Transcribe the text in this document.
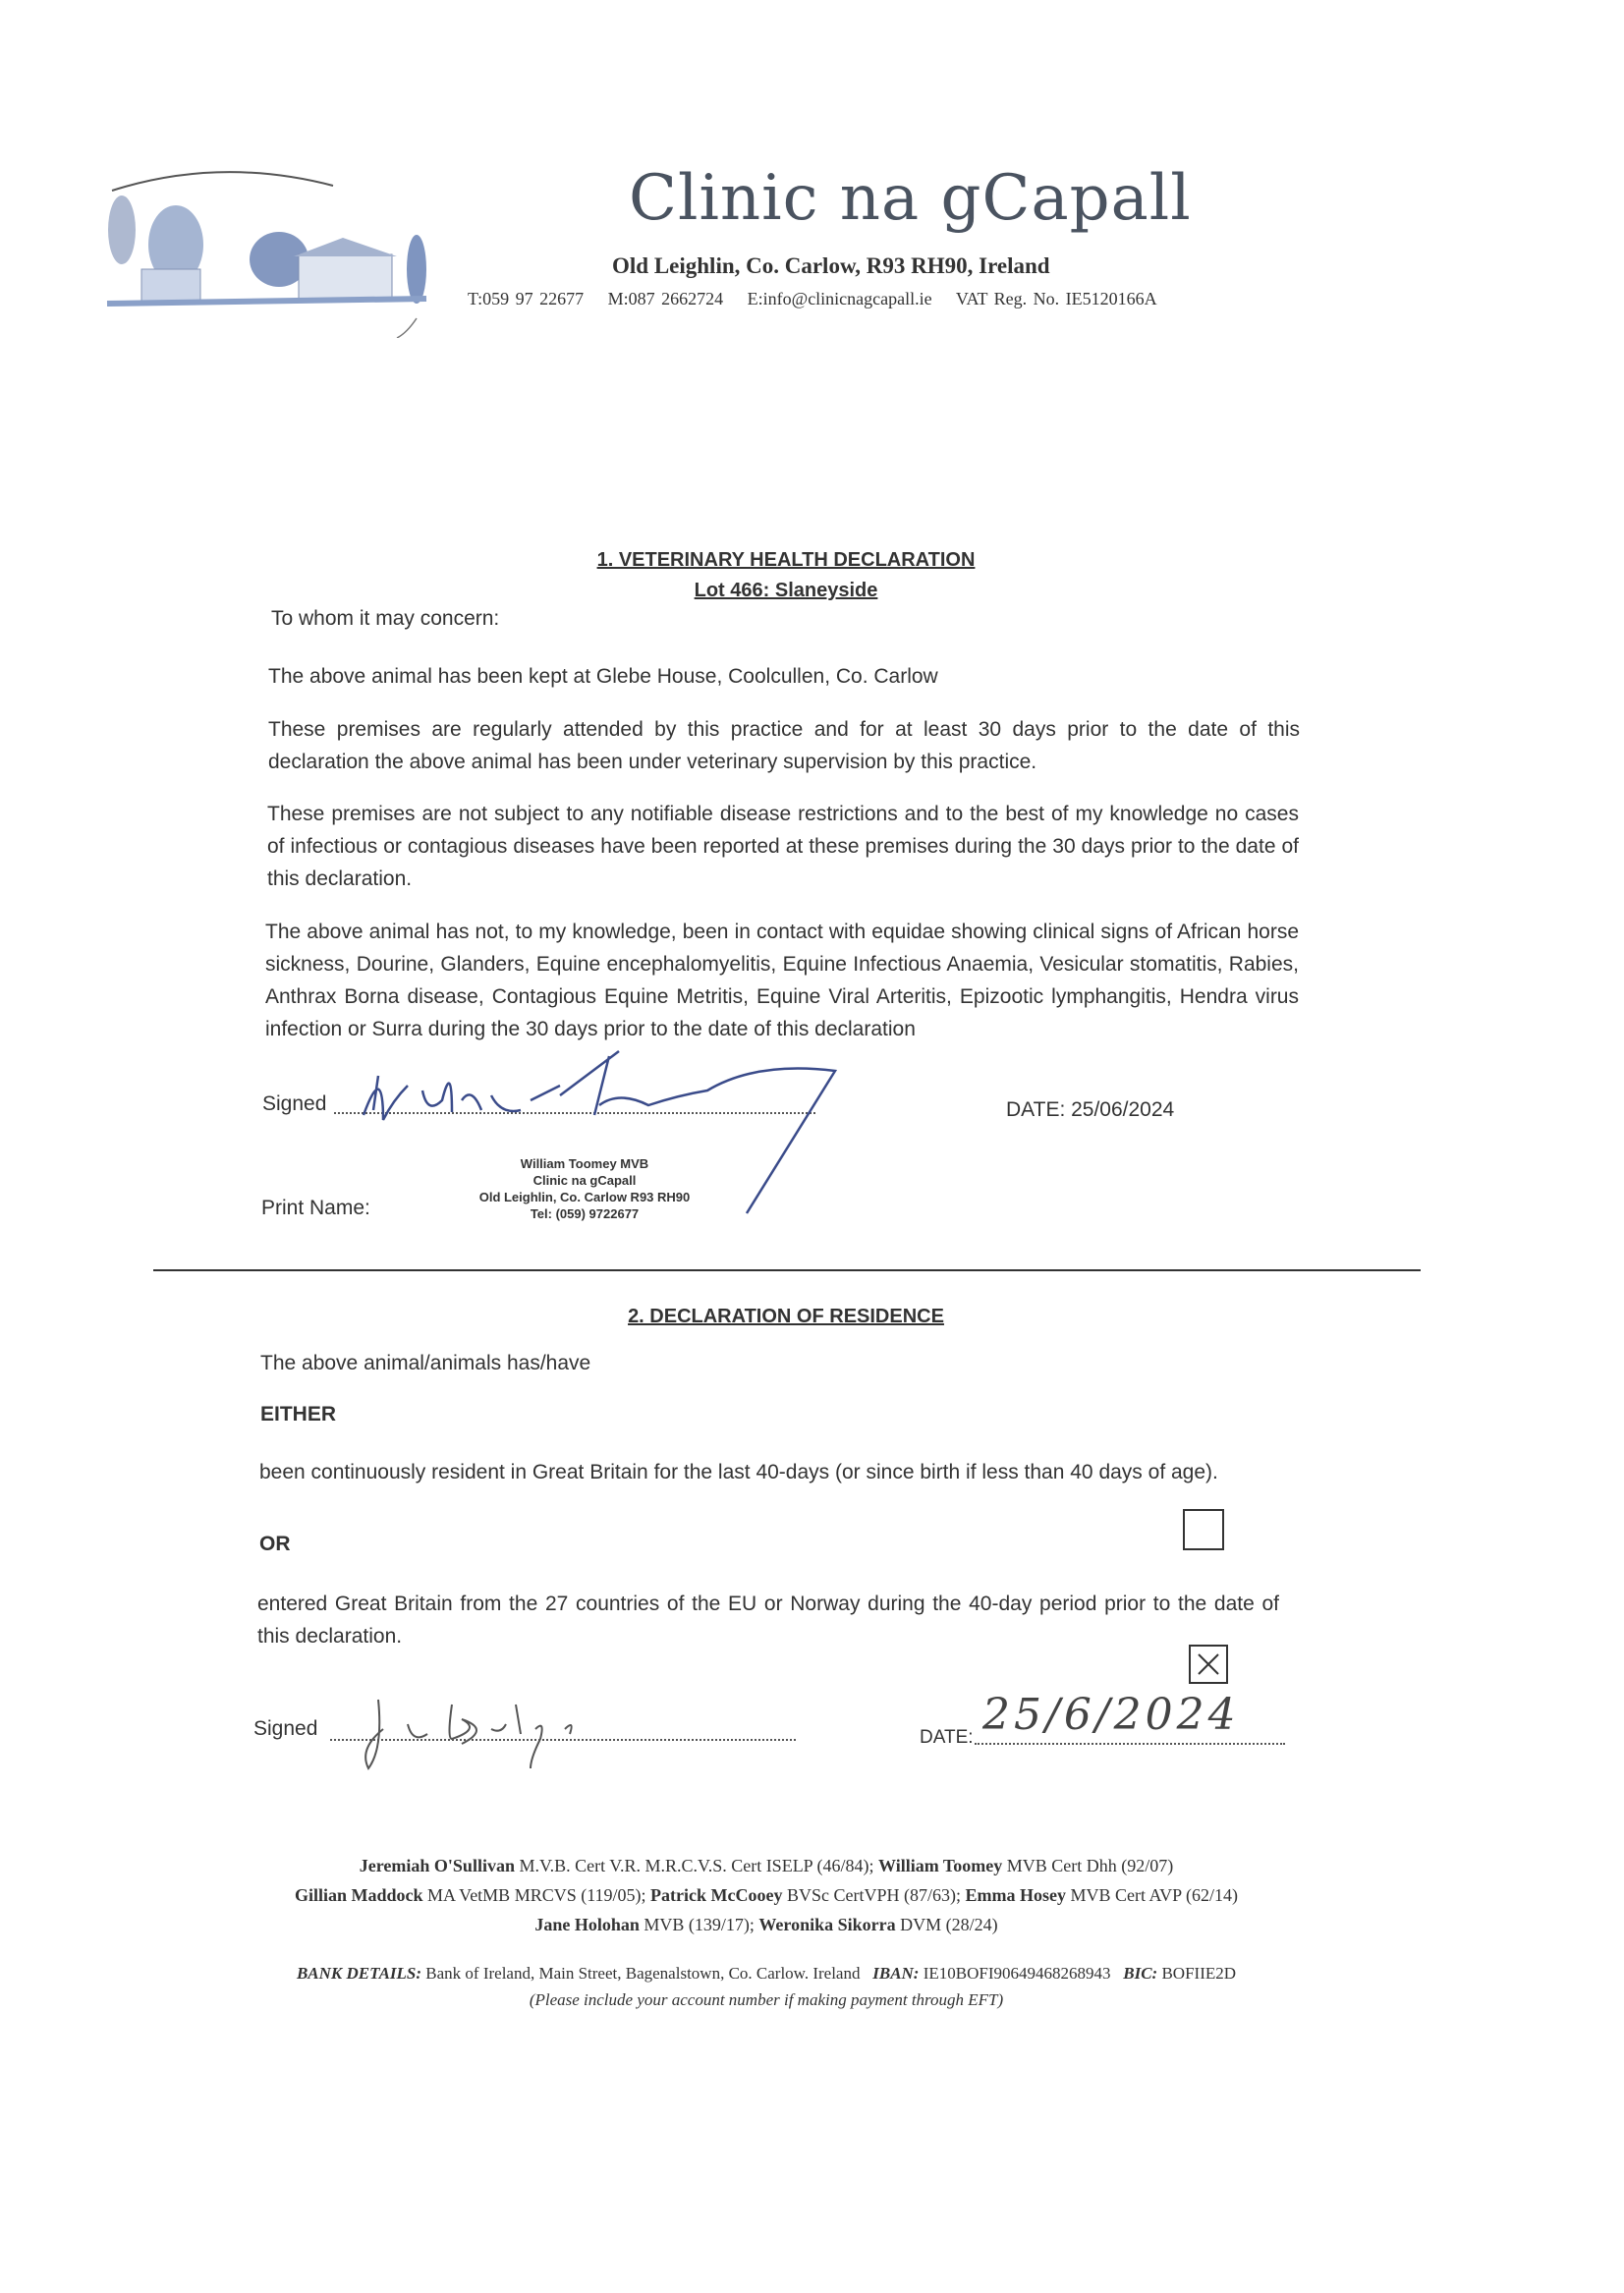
Clinic na gCapall
Old Leighlin, Co. Carlow, R93 RH90, Ireland
T:059 97 22677 M:087 2662724 E:info@clinicnagcapall.ie VAT Reg. No. IE5120166A
1. VETERINARY HEALTH DECLARATION
Lot 466: Slaneyside
To whom it may concern:
The above animal has been kept at Glebe House, Coolcullen, Co. Carlow
These premises are regularly attended by this practice and for at least 30 days prior to the date of this declaration the above animal has been under veterinary supervision by this practice.
These premises are not subject to any notifiable disease restrictions and to the best of my knowledge no cases of infectious or contagious diseases have been reported at these premises during the 30 days prior to the date of this declaration.
The above animal has not, to my knowledge, been in contact with equidae showing clinical signs of African horse sickness, Dourine, Glanders, Equine encephalomyelitis, Equine Infectious Anaemia, Vesicular stomatitis, Rabies, Anthrax Borna disease, Contagious Equine Metritis, Equine Viral Arteritis, Epizootic lymphangitis, Hendra virus infection or Surra during the 30 days prior to the date of this declaration
Signed	DATE: 25/06/2024
Print Name:
William Toomey MVB
Clinic na gCapall
Old Leighlin, Co. Carlow R93 RH90
Tel: (059) 9722677
2. DECLARATION OF RESIDENCE
The above animal/animals has/have
EITHER
been continuously resident in Great Britain for the last 40-days (or since birth if less than 40 days of age).
OR
entered Great Britain from the 27 countries of the EU or Norway during the 40-day period prior to the date of this declaration.
Signed	DATE: 25/6/2024
Jeremiah O'Sullivan M.V.B. Cert V.R. M.R.C.V.S. Cert ISELP (46/84); William Toomey MVB Cert Dhh (92/07)
Gillian Maddock MA VetMB MRCVS (119/05); Patrick McCooey BVSc CertVPH (87/63); Emma Hosey MVB Cert AVP (62/14)
Jane Holohan MVB (139/17); Weronika Sikorra DVM (28/24)
BANK DETAILS: Bank of Ireland, Main Street, Bagenalstown, Co. Carlow. Ireland IBAN: IE10BOFI90649468268943 BIC: BOFIIE2D
(Please include your account number if making payment through EFT)
